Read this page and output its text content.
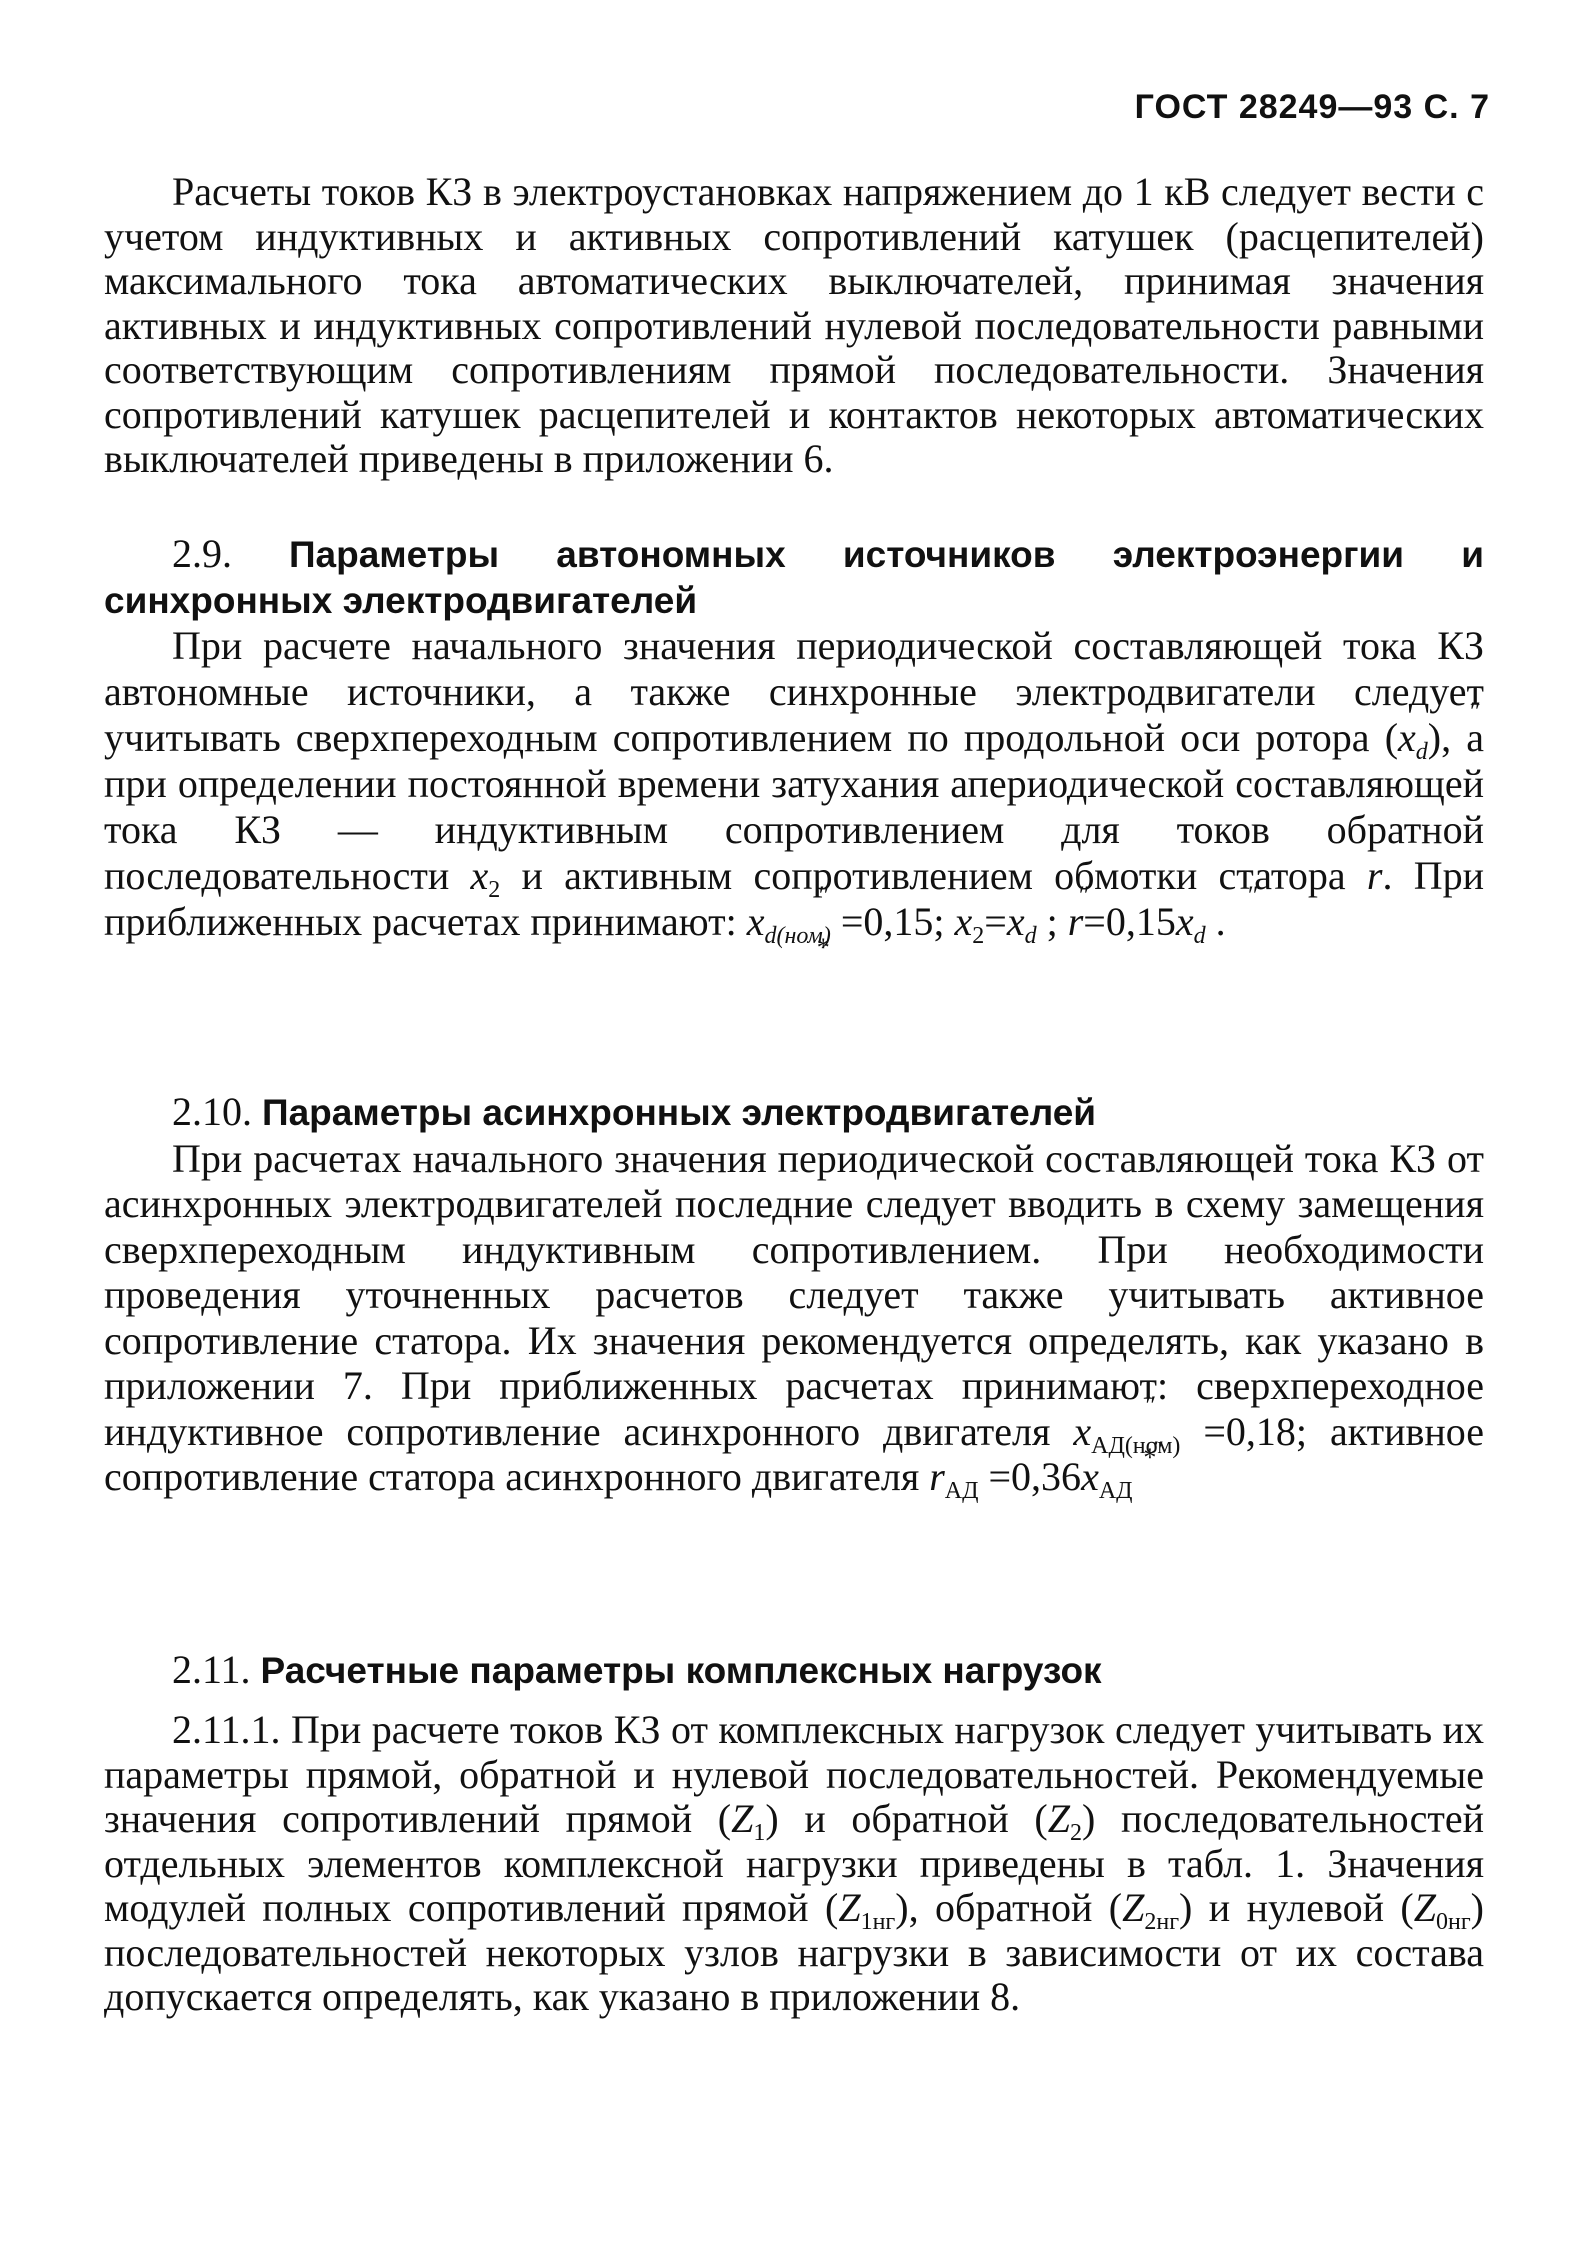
ГОСТ 28249—93 С. 7

Расчеты токов КЗ в электроустановках напряжением до 1 кВ следует вести с учетом индуктивных и активных сопротивлений катушек (расцепителей) максимального тока автоматических выключателей, принимая значения активных и индуктивных сопротивлений нулевой последовательности равными соответствующим сопротивлениям прямой последовательности. Значения сопротивлений катушек расцепителей и контактов некоторых автоматических выключателей приведены в приложении 6.

2.9. Параметры автономных источников электроэнергии и синхронных электродвигателей

При расчете начального значения периодической составляющей тока КЗ автономные источники, а также синхронные электродвигатели следует учитывать сверхпереходным сопротивлением по продольной оси ротора (″ $x_d$), а при определении постоянной времени затухания апериодической составляющей тока КЗ — индуктивным сопротивлением для токов обратной последовательности $x_2$ и активным сопротивлением обмотки статора r. При приближенных расчетах принимают: ″ x $*_{d(ном)} =0,15$; $x_2=''$ $x_d$ ; r=0,15″ $x_d$ .

2.10. Параметры асинхронных электродвигателей

При расчетах начального значения периодической составляющей тока КЗ от асинхронных электродвигателей последние следует вводить в схему замещения сверхпереходным индуктивным сопротивлением. При необходимости проведения уточненных расчетов следует также учитывать активное сопротивление статора. Их значения рекомендуется определять, как указано в приложении 7. При приближенных расчетах принимают: сверхпереходное индуктивное сопротивление асинхронного двигателя ″ x $*_{АД(ном)} =0,18$; активное сопротивление статора асинхронного двигателя $r_{АД} =0,36''$ $x_{АД}$

2.11. Расчетные параметры комплексных нагрузок

2.11.1. При расчете токов КЗ от комплексных нагрузок следует учитывать их параметры прямой, обратной и нулевой последовательностей. Рекомендуемые значения сопротивлений прямой $(Z_1)$ и обратной $(Z_2)$ последовательностей отдельных элементов комплексной нагрузки приведены в табл. 1. Значения модулей полных сопротивлений прямой $(Z_{1нг})$, обратной $(Z_{2нг})$ и нулевой $(Z_{0нг})$ последовательностей некоторых узлов нагрузки в зависимости от их состава допускается определять, как указано в приложении 8.
